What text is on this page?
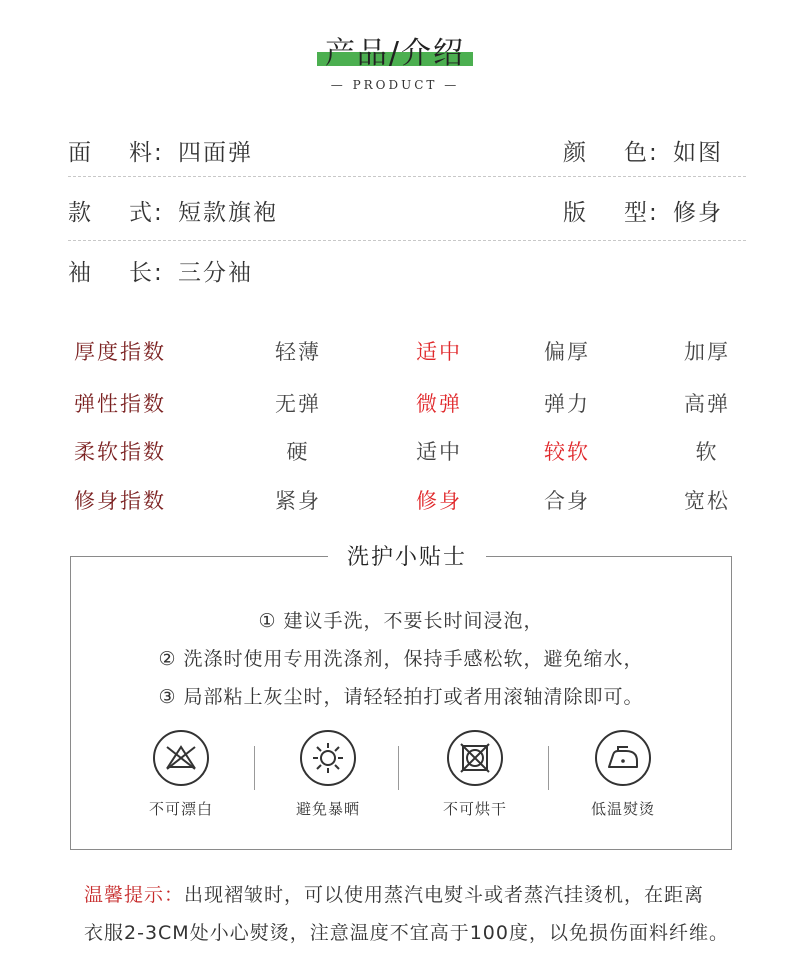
产品/介绍
— PRODUCT —
面料: 四面弹	颜色: 如图
款式: 短款旗袍	版型: 修身
袖长: 三分袖
厚度指数	轻薄	适中	偏厚	加厚
弹性指数	无弹	微弹	弹力	高弹
柔软指数	硬	适中	较软	软
修身指数	紧身	修身	合身	宽松
洗护小贴士
① 建议手洗，不要长时间浸泡，
② 洗涤时使用专用洗涤剂，保持手感松软，避免缩水，
③ 局部粘上灰尘时，请轻轻拍打或者用滚轴清除即可。
不可漂白	避免暴晒	不可烘干	低温熨烫
温馨提示：出现褶皱时，可以使用蒸汽电熨斗或者蒸汽挂烫机，在距离
衣服2-3CM处小心熨烫，注意温度不宜高于100度，以免损伤面料纤维。
